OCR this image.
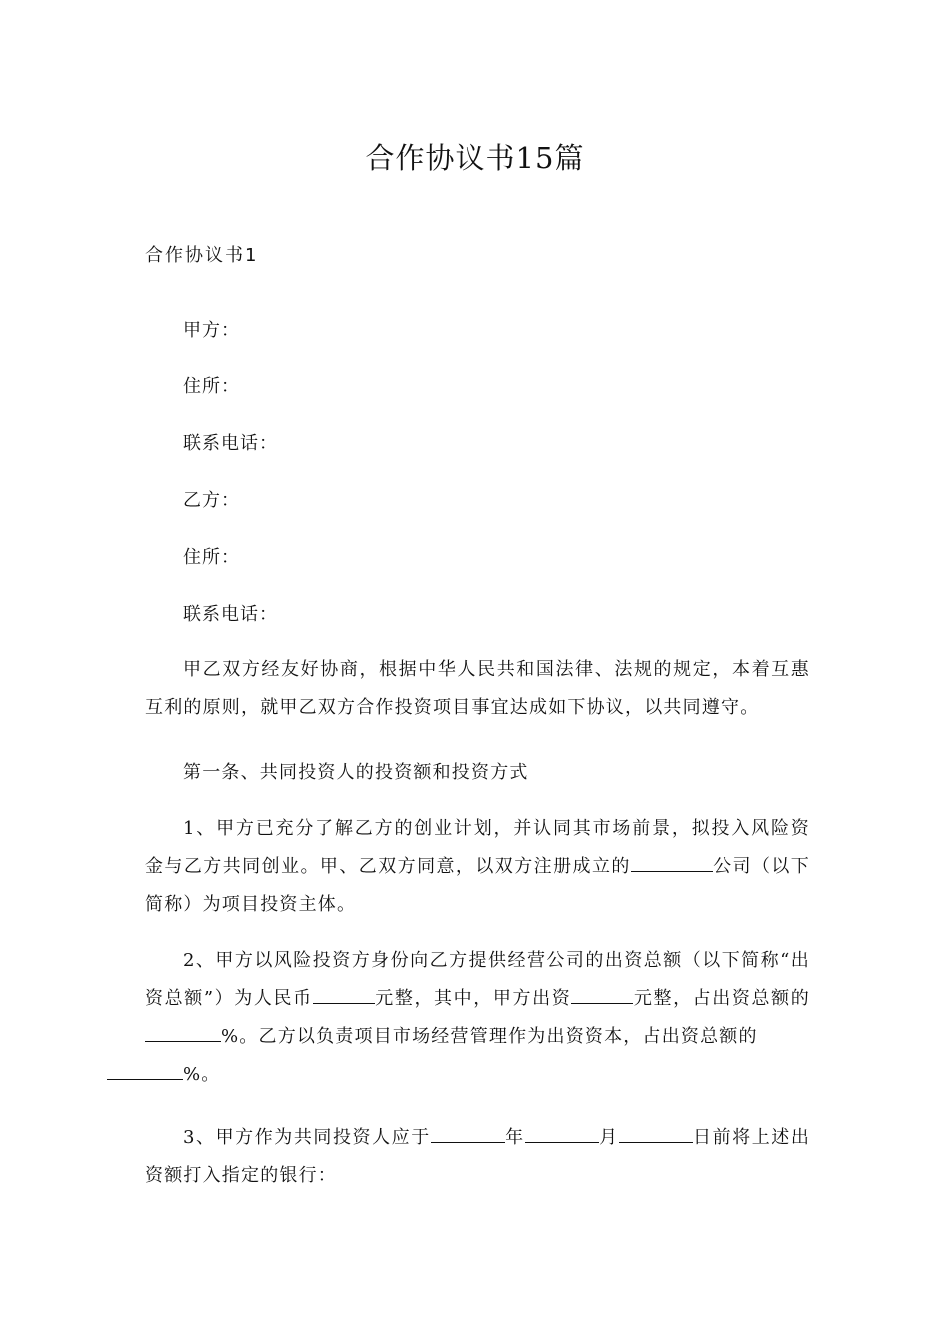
合作协议书15篇
合作协议书1
甲方：
住所：
联系电话：
乙方：
住所：
联系电话：
甲乙双方经友好协商，根据中华人民共和国法律、法规的规定，本着互惠互利的原则，就甲乙双方合作投资项目事宜达成如下协议，以共同遵守。
第一条、共同投资人的投资额和投资方式
1、甲方已充分了解乙方的创业计划，并认同其市场前景，拟投入风险资金与乙方共同创业。甲、乙双方同意，以双方注册成立的	公司（以下简称）为项目投资主体。
2、甲方以风险投资方身份向乙方提供经营公司的出资总额（以下简称“出资总额”）为人民币	元整，其中，甲方出资	元整，占出资总额的%。乙方以负责项目市场经营管理作为出资资本，占出资总额的
%。
3、甲方作为共同投资人应于	年	月	日前将上述出资额打入指定的银行：
